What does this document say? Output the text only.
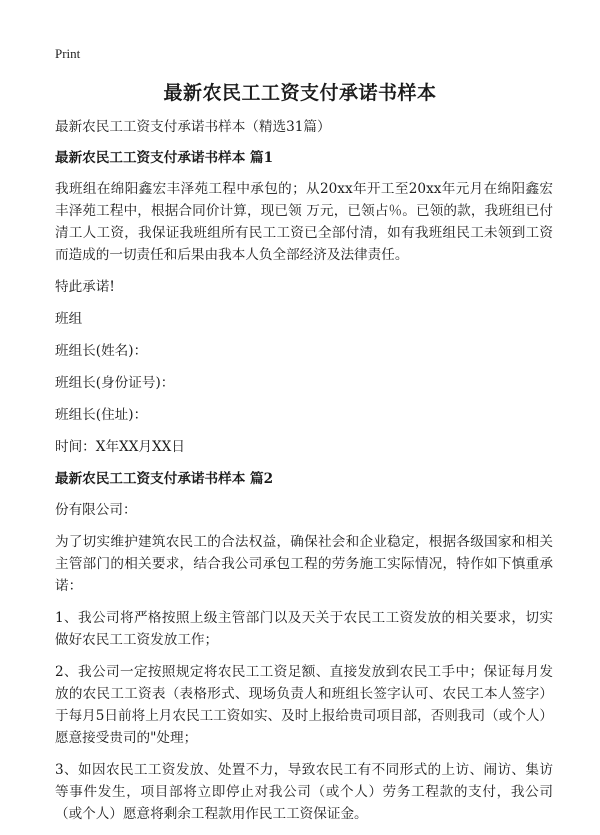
Print
最新农民工工资支付承诺书样本

最新农民工工资支付承诺书样本（精选31篇）

最新农民工工资支付承诺书样本 篇1

我班组在绵阳鑫宏丰泽苑工程中承包的；从20xx年开工至20xx年元月在绵阳鑫宏丰泽苑工程中，根据合同价计算，现已领 万元，已领占％。已领的款，我班组已付清工人工资，我保证我班组所有民工工资已全部付清，如有我班组民工未领到工资而造成的一切责任和后果由我本人负全部经济及法律责任。

特此承诺!

班组

班组长(姓名)：

班组长(身份证号)：

班组长(住址)：

时间：X年XX月XX日

最新农民工工资支付承诺书样本 篇2

份有限公司：

为了切实维护建筑农民工的合法权益，确保社会和企业稳定，根据各级国家和相关主管部门的相关要求，结合我公司承包工程的劳务施工实际情况，特作如下慎重承诺：

1、我公司将严格按照上级主管部门以及天关于农民工工资发放的相关要求，切实做好农民工工资发放工作；

2、我公司一定按照规定将农民工工资足额、直接发放到农民工手中；保证每月发放的农民工工资表（表格形式、现场负责人和班组长签字认可、农民工本人签字）于每月5日前将上月农民工工资如实、及时上报给贵司项目部，否则我司（或个人）愿意接受贵司的"处理；

3、如因农民工工资发放、处置不力，导致农民工有不同形式的上访、闹访、集访等事件发生，项目部将立即停止对我公司（或个人）劳务工程款的支付，我公司（或个人）愿意将剩余工程款用作民工工资保证金。
